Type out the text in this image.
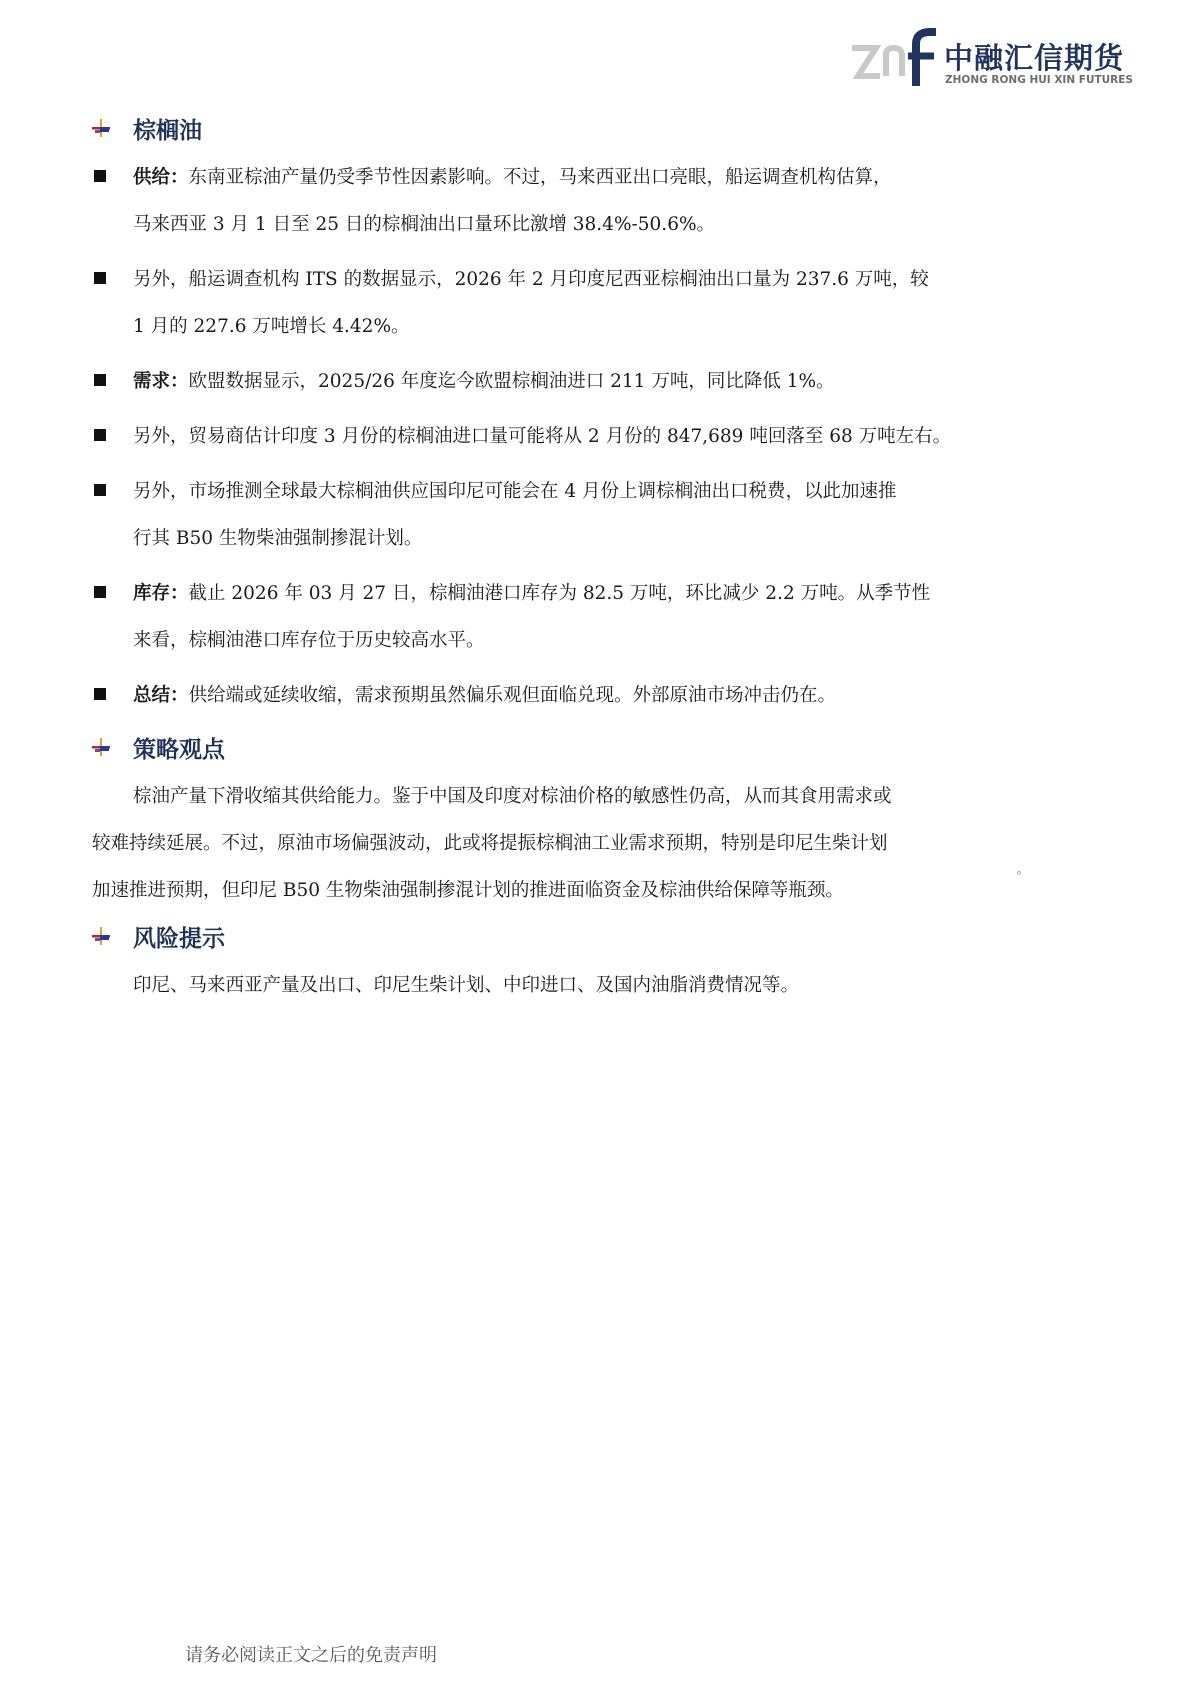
中融汇信期货
ZHONG RONG HUI XIN FUTURES
棕榈油
供给：东南亚棕油产量仍受季节性因素影响。不过，马来西亚出口亮眼，船运调查机构估算，
马来西亚 3 月 1 日至 25 日的棕榈油出口量环比激增 38.4%-50.6%。
另外，船运调查机构 ITS 的数据显示，2026 年 2 月印度尼西亚棕榈油出口量为 237.6 万吨，较
1 月的 227.6 万吨增长 4.42%。
需求：欧盟数据显示，2025/26 年度迄今欧盟棕榈油进口 211 万吨，同比降低 1%。
另外，贸易商估计印度 3 月份的棕榈油进口量可能将从 2 月份的 847,689 吨回落至 68 万吨左右。
另外，市场推测全球最大棕榈油供应国印尼可能会在 4 月份上调棕榈油出口税费，以此加速推
行其 B50 生物柴油强制掺混计划。
库存：截止 2026 年 03 月 27 日，棕榈油港口库存为 82.5 万吨，环比减少 2.2 万吨。从季节性
来看，棕榈油港口库存位于历史较高水平。
总结：供给端或延续收缩，需求预期虽然偏乐观但面临兑现。外部原油市场冲击仍在。
策略观点
棕油产量下滑收缩其供给能力。鉴于中国及印度对棕油价格的敏感性仍高，从而其食用需求或
较难持续延展。不过，原油市场偏强波动，此或将提振棕榈油工业需求预期，特别是印尼生柴计划
加速推进预期，但印尼 B50 生物柴油强制掺混计划的推进面临资金及棕油供给保障等瓶颈。
风险提示
印尼、马来西亚产量及出口、印尼生柴计划、中印进口、及国内油脂消费情况等。
。
请务必阅读正文之后的免责声明
